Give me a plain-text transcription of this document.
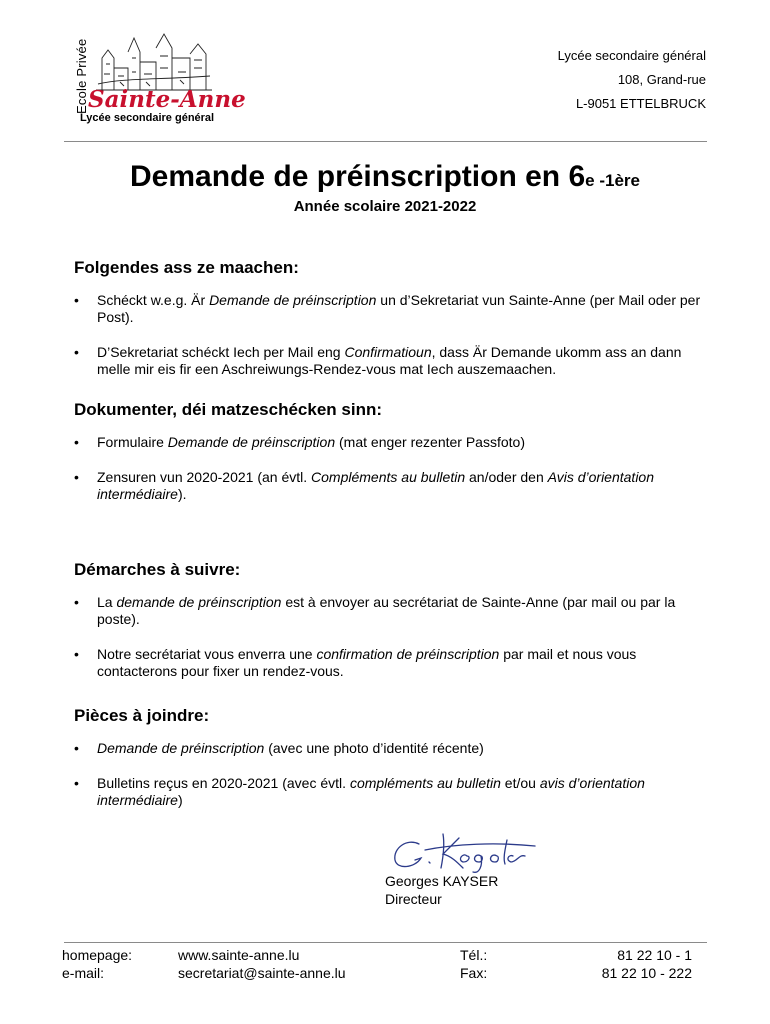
Ecole Privée Sainte-Anne
Lycée secondaire général
Lycée secondaire général
108, Grand-rue
L-9051 ETTELBRUCK
Demande de préinscription en 6e -1ère
Année scolaire 2021-2022
Folgendes ass ze maachen:
• Schéckt w.e.g. Är Demande de préinscription un d’Sekretariat vun Sainte-Anne (per Mail oder per Post).
• D’Sekretariat schéckt Iech per Mail eng Confirmatioun, dass Är Demande ukomm ass an dann melle mir eis fir een Aschreiwungs-Rendez-vous mat Iech auszemaachen.
Dokumenter, déi matzeschécken sinn:
• Formulaire Demande de préinscription (mat enger rezenter Passfoto)
• Zensuren vun 2020-2021 (an évtl. Compléments au bulletin an/oder den Avis d’orientation intermédiaire).
Démarches à suivre:
• La demande de préinscription est à envoyer au secrétariat de Sainte-Anne (par mail ou par la poste).
• Notre secrétariat vous enverra une confirmation de préinscription par mail et nous vous contacterons pour fixer un rendez-vous.
Pièces à joindre:
• Demande de préinscription (avec une photo d’identité récente)
• Bulletins reçus en 2020-2021 (avec évtl. compléments au bulletin et/ou avis d’orientation intermédiaire)
Georges KAYSER
Directeur
homepage:	www.sainte-anne.lu	Tél.:	81 22 10 - 1
e-mail:	secretariat@sainte-anne.lu	Fax:	81 22 10 - 222
